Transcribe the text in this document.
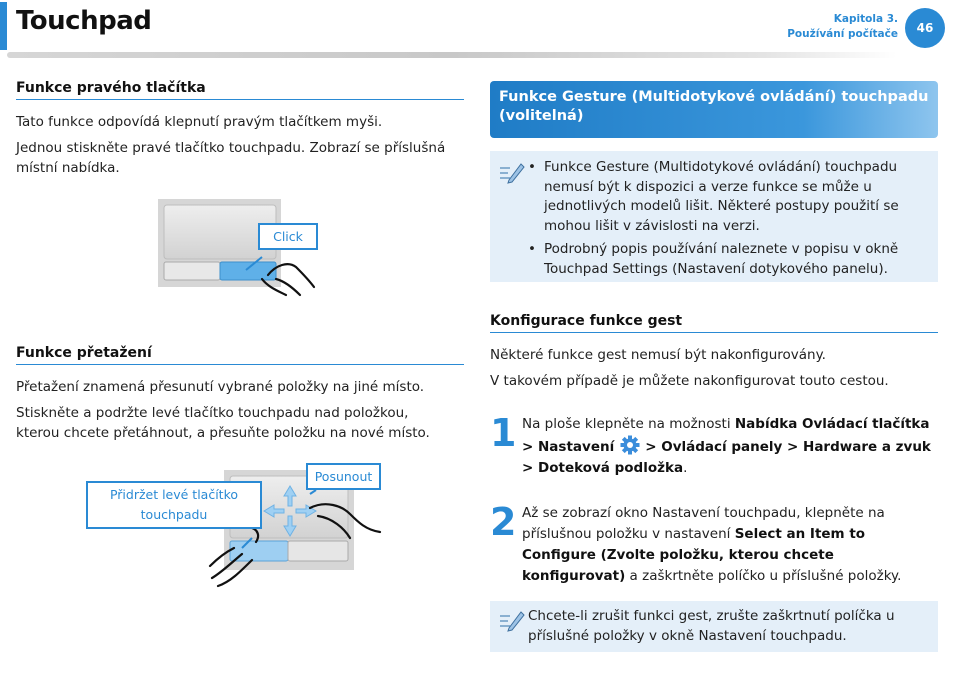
Touchpad	Kapitola 3.
Používání počítače	46
Funkce pravého tlačítka

Tato funkce odpovídá klepnutí pravým tlačítkem myši.

Jednou stiskněte pravé tlačítko touchpadu. Zobrazí se příslušná místní nabídka.

Click
Funkce přetažení

Přetažení znamená přesunutí vybrané položky na jiné místo.

Stiskněte a podržte levé tlačítko touchpadu nad položkou, kterou chcete přetáhnout, a přesuňte položku na nové místo.

Přidržet levé tlačítko touchpadu
Posunout
Funkce Gesture (Multidotykové ovládání) touchpadu (volitelná)
• Funkce Gesture (Multidotykové ovládání) touchpadu nemusí být k dispozici a verze funkce se může u jednotlivých modelů lišit. Některé postupy použití se mohou lišit v závislosti na verzi.
• Podrobný popis používání naleznete v popisu v okně Touchpad Settings (Nastavení dotykového panelu).
Konfigurace funkce gest

Některé funkce gest nemusí být nakonfigurovány.

V takovém případě je můžete nakonfigurovat touto cestou.

1 Na ploše klepněte na možnosti Nabídka Ovládací tlačítka > Nastavení  > Ovládací panely > Hardware a zvuk > Doteková podložka.
2 Až se zobrazí okno Nastavení touchpadu, klepněte na příslušnou položku v nastavení Select an Item to Configure (Zvolte položku, kterou chcete konfigurovat) a zaškrtněte políčko u příslušné položky.

Chcete-li zrušit funkci gest, zrušte zaškrtnutí políčka u příslušné položky v okně Nastavení touchpadu.
